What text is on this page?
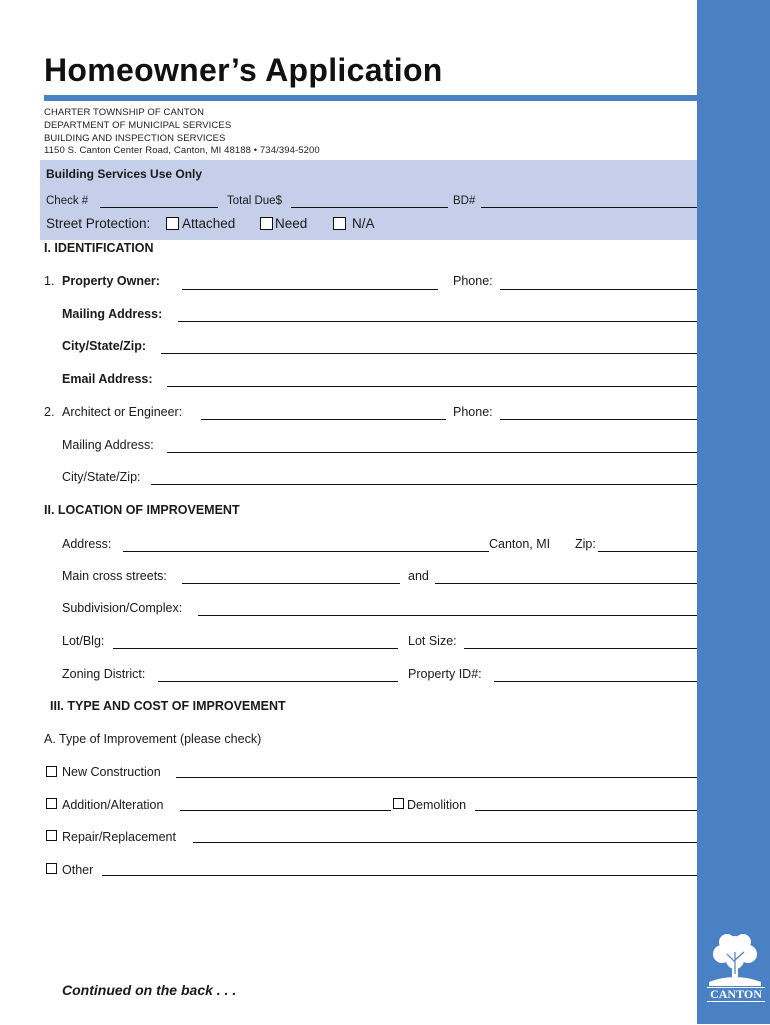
Homeowner’s Application
CHARTER TOWNSHIP OF CANTON
DEPARTMENT OF MUNICIPAL SERVICES
BUILDING AND INSPECTION SERVICES
1150 S. Canton Center Road, Canton, MI 48188 • 734/394-5200
Building Services Use Only
Check #	Total Due$	BD#
Street Protection: Attached	Need	N/A
I. IDENTIFICATION
1. Property Owner:	Phone:
Mailing Address:
City/State/Zip:
Email Address:
2. Architect or Engineer:	Phone:
Mailing Address:
City/State/Zip:
II. LOCATION OF IMPROVEMENT
Address:	Canton, MI Zip:
Main cross streets:	and
Subdivision/Complex:
Lot/Blg:	Lot Size:
Zoning District:	Property ID#:
III. TYPE AND COST OF IMPROVEMENT
A. Type of Improvement (please check)
New Construction
Addition/Alteration	Demolition
Repair/Replacement
Other
Continued on the back . . .	CANTON
